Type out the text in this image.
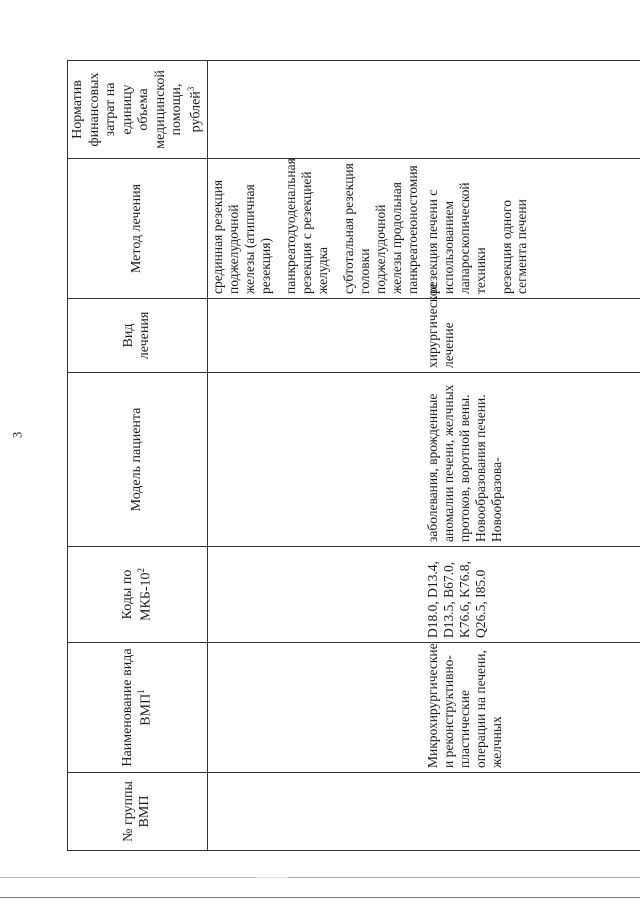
3
№ группы ВМП	Наименование вида ВМП$^1$	Коды по МКБ-$10^2$	Модель пациента	Вид лечения	Метод лечения	Норматив финансовых затрат на единицу объема медицинской помощи, рублей$^3$

					срединная резекция поджелудочной железы (атипичная резекция) панкреатодуоденальная резекция с резекцией желудка субтотальная резекция головки поджелудочной железы продольная панкреатоеюностомия	

	Микрохирургические и реконструктивно-пластические операции на печени, желчных	D18.0, D13.4, D13.5, B67.0, K76.6, K76.8, Q26.5, I85.0	заболевания, врожденные аномалии печени, желчных протоков, воротной вены. Новообразования печени. Новообразова-	хирургическое лечение	резекция печени с использованием лапароскопической техники резекция одного сегмента печени	
